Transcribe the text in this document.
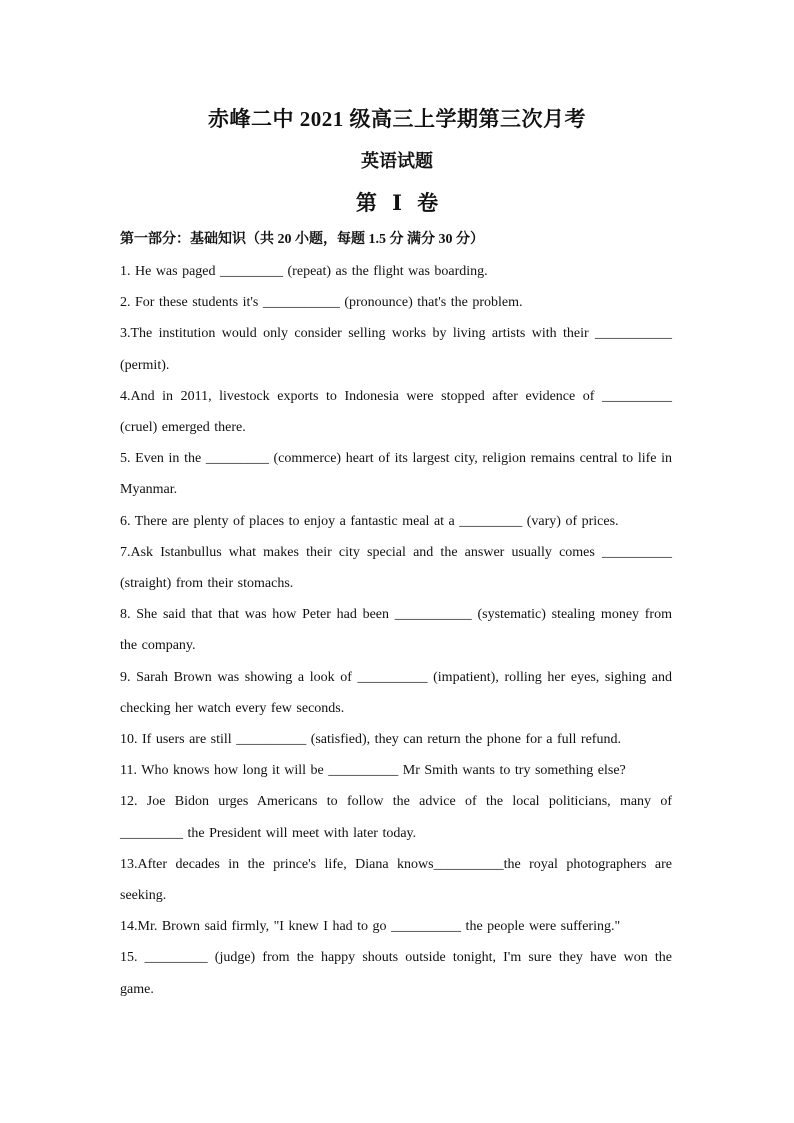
赤峰二中 2021 级高三上学期第三次月考
英语试题
第 Ⅰ 卷
第一部分：基础知识（共 20 小题，每题 1.5 分 满分 30 分）
1. He was paged _________ (repeat) as the flight was boarding.
2. For these students it's ___________ (pronounce) that's the problem.
3.The institution would only consider selling works by living artists with their ___________ (permit).
4.And in 2011, livestock exports to Indonesia were stopped after evidence of __________ (cruel) emerged there.
5. Even in the _________ (commerce) heart of its largest city, religion remains central to life in Myanmar.
6. There are plenty of places to enjoy a fantastic meal at a _________ (vary) of prices.
7.Ask Istanbullus what makes their city special and the answer usually comes __________ (straight) from their stomachs.
8. She said that that was how Peter had been ___________ (systematic) stealing money from the company.
9. Sarah Brown was showing a look of __________ (impatient), rolling her eyes, sighing and checking her watch every few seconds.
10. If users are still __________ (satisfied), they can return the phone for a full refund.
11. Who knows how long it will be __________ Mr Smith wants to try something else?
12. Joe Bidon urges Americans to follow the advice of the local politicians, many of _________ the President will meet with later today.
13.After decades in the prince's life, Diana knows__________the royal photographers are seeking.
14.Mr. Brown said firmly, "I knew I had to go __________ the people were suffering."
15. _________ (judge) from the happy shouts outside tonight, I'm sure they have won the game.
